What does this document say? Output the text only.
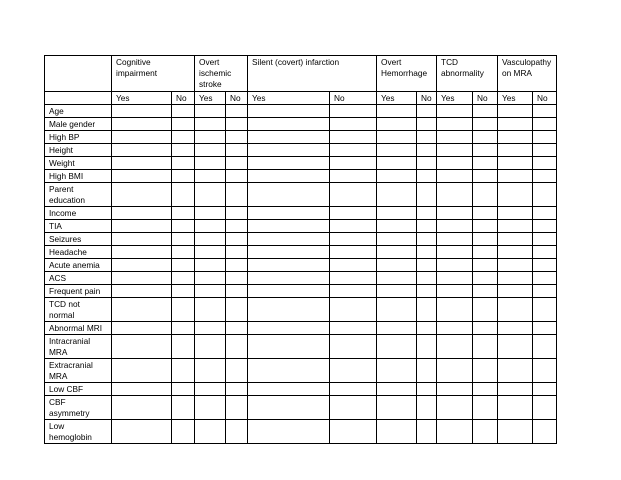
	Cognitive impairment		Overt ischemic stroke		Silent (covert) infarction		Overt Hemorrhage		TCD abnormality		Vasculopathy on MRA	
	Yes	No	Yes	No	Yes	No	Yes	No	Yes	No	Yes	No
Age												
Male gender												
High BP												
Height												
Weight												
High BMI												
Parent education												
Income												
TIA												
Seizures												
Headache												
Acute anemia												
ACS												
Frequent pain												
TCD not normal												
Abnormal MRI												
Intracranial MRA												
Extracranial MRA												
Low CBF												
CBF asymmetry												
Low hemoglobin												
